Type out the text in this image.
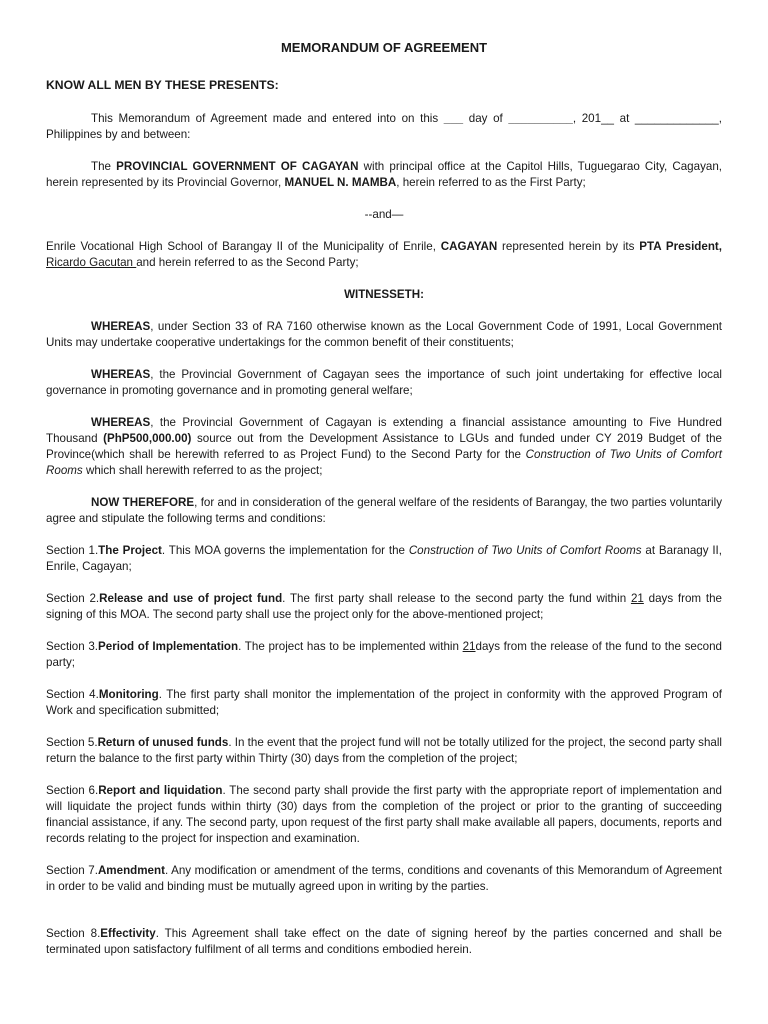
MEMORANDUM OF AGREEMENT
KNOW ALL MEN BY THESE PRESENTS:

This Memorandum of Agreement made and entered into on this ___ day of __________, 201__ at _____________, Philippines by and between:

The PROVINCIAL GOVERNMENT OF CAGAYAN with principal office at the Capitol Hills, Tuguegarao City, Cagayan, herein represented by its Provincial Governor, MANUEL N. MAMBA, herein referred to as the First Party;

--and—

Enrile Vocational High School of Barangay II of the Municipality of Enrile, CAGAYAN represented herein by its PTA President, Ricardo Gacutan and herein referred to as the Second Party;

WITNESSETH:

WHEREAS, under Section 33 of RA 7160 otherwise known as the Local Government Code of 1991, Local Government Units may undertake cooperative undertakings for the common benefit of their constituents;

WHEREAS, the Provincial Government of Cagayan sees the importance of such joint undertaking for effective local governance in promoting governance and in promoting general welfare;

WHEREAS, the Provincial Government of Cagayan is extending a financial assistance amounting to Five Hundred Thousand (PhP500,000.00) source out from the Development Assistance to LGUs and funded under CY 2019 Budget of the Province(which shall be herewith referred to as Project Fund) to the Second Party for the Construction of Two Units of Comfort Rooms which shall herewith referred to as the project;

NOW THEREFORE, for and in consideration of the general welfare of the residents of Barangay, the two parties voluntarily agree and stipulate the following terms and conditions:

Section 1.The Project. This MOA governs the implementation for the Construction of Two Units of Comfort Rooms at Baranagy II, Enrile, Cagayan;

Section 2.Release and use of project fund. The first party shall release to the second party the fund within 21 days from the signing of this MOA. The second party shall use the project only for the above-mentioned project;

Section 3.Period of Implementation. The project has to be implemented within 21days from the release of the fund to the second party;

Section 4.Monitoring. The first party shall monitor the implementation of the project in conformity with the approved Program of Work and specification submitted;

Section 5.Return of unused funds. In the event that the project fund will not be totally utilized for the project, the second party shall return the balance to the first party within Thirty (30) days from the completion of the project;

Section 6.Report and liquidation. The second party shall provide the first party with the appropriate report of implementation and will liquidate the project funds within thirty (30) days from the completion of the project or prior to the granting of succeeding financial assistance, if any. The second party, upon request of the first party shall make available all papers, documents, reports and records relating to the project for inspection and examination.

Section 7.Amendment. Any modification or amendment of the terms, conditions and covenants of this Memorandum of Agreement in order to be valid and binding must be mutually agreed upon in writing by the parties.

Section 8.Effectivity. This Agreement shall take effect on the date of signing hereof by the parties concerned and shall be terminated upon satisfactory fulfilment of all terms and conditions embodied herein.
